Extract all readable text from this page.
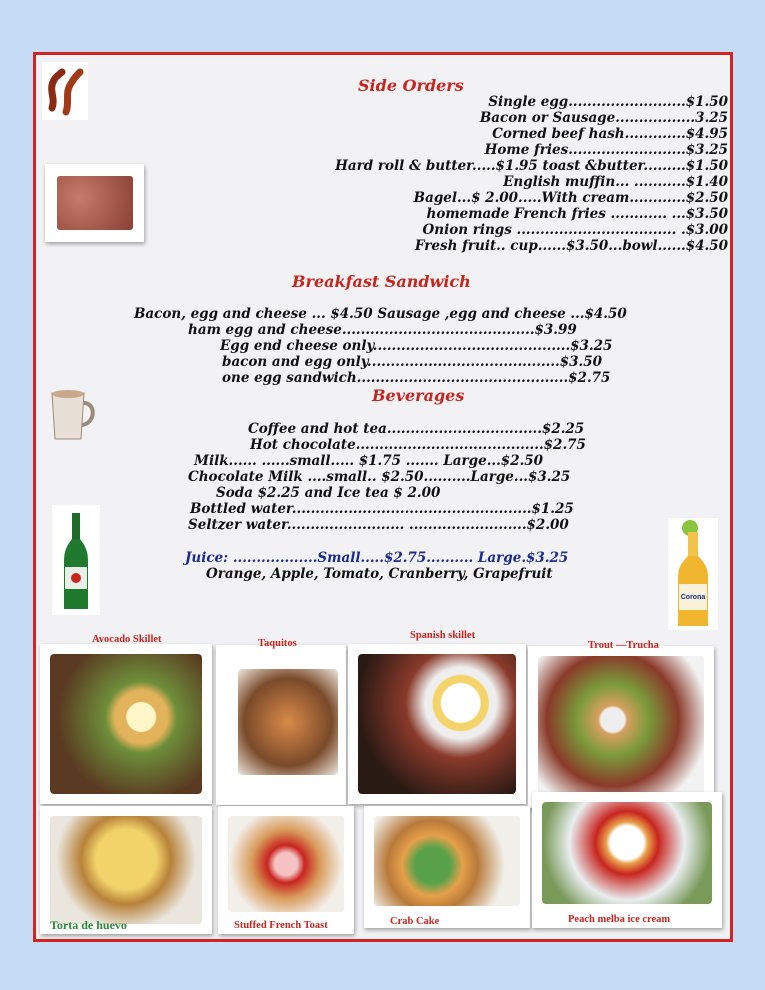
Corona
Side Orders
Single egg.........................$1.50
Bacon or Sausage.................3.25
Corned beef hash.............$4.95
Home fries.........................$3.25
Hard roll & butter.....$1.95 toast &butter.........$1.50
English muffin... ...........$1.40
Bagel...$ 2.00.....With cream............$2.50
homemade French fries ............ ...$3.50
Onion rings .................................. .$3.00
Fresh fruit.. cup......$3.50...bowl......$4.50
Breakfast Sandwich
Beverages
Juice: ..................Small.....$2.75.......... Large.$3.25
Orange, Apple, Tomato, Cranberry, Grapefruit
Bacon, egg and cheese ... $4.50 Sausage ,egg and cheese ...$4.50
ham egg and cheese.........................................$3.99
Egg end cheese only..........................................$3.25
bacon and egg only.........................................$3.50
one egg sandwich.............................................$2.75
Coffee and hot tea.................................$2.25
Hot chocolate........................................$2.75
Milk...... ......small..... $1.75 ....... Large...$2.50
Chocolate Milk ....small.. $2.50..........Large...$3.25
Soda $2.25 and Ice tea $ 2.00
Bottled water...................................................$1.25
Seltzer water......................... .........................$2.00
Avocado Skillet	Taquitos
Spanish skillet
Trout —Trucha
Torta de huevo	Stuffed French Toast	Crab Cake	Peach melba ice cream
